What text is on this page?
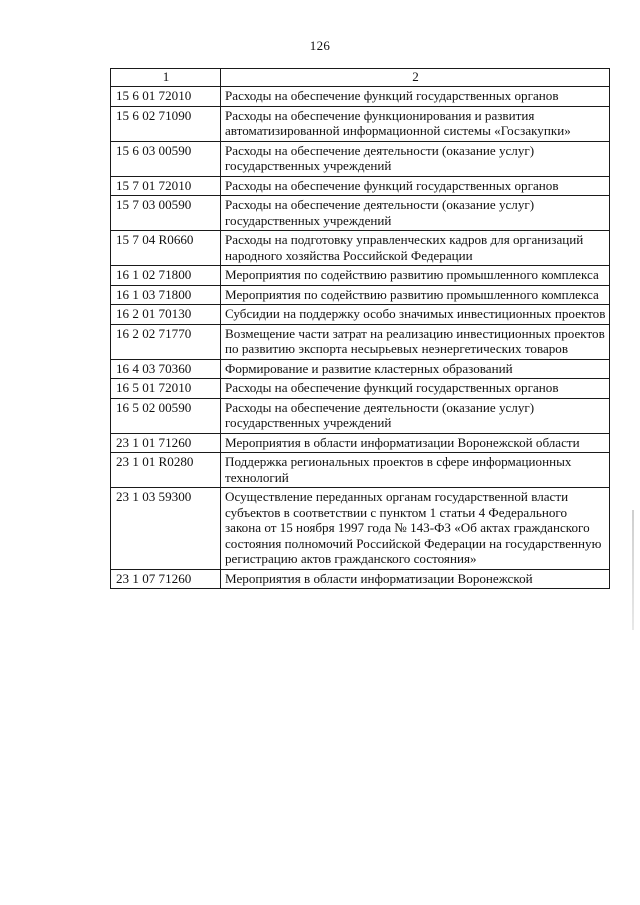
126
1	2
15 6 01 72010	Расходы на обеспечение функций государственных органов
15 6 02 71090	Расходы на обеспечение функционирования и развития автоматизированной информационной системы «Госзакупки»
15 6 03 00590	Расходы на обеспечение деятельности (оказание услуг) государственных учреждений
15 7 01 72010	Расходы на обеспечение функций государственных органов
15 7 03 00590	Расходы на обеспечение деятельности (оказание услуг) государственных учреждений
15 7 04 R0660	Расходы на подготовку управленческих кадров для организаций народного хозяйства Российской Федерации
16 1 02 71800	Мероприятия по содействию развитию промышленного комплекса
16 1 03 71800	Мероприятия по содействию развитию промышленного комплекса
16 2 01 70130	Субсидии на поддержку особо значимых инвестиционных проектов
16 2 02 71770	Возмещение части затрат на реализацию инвестиционных проектов по развитию экспорта несырьевых неэнергетических товаров
16 4 03 70360	Формирование и развитие кластерных образований
16 5 01 72010	Расходы на обеспечение функций государственных органов
16 5 02 00590	Расходы на обеспечение деятельности (оказание услуг) государственных учреждений
23 1 01 71260	Мероприятия в области информатизации Воронежской области
23 1 01 R0280	Поддержка региональных проектов в сфере информационных технологий
23 1 03 59300	Осуществление переданных органам государственной власти субъектов в соответствии с пунктом 1 статьи 4 Федерального закона от 15 ноября 1997 года № 143-ФЗ «Об актах гражданского состояния полномочий Российской Федерации на государственную регистрацию актов гражданского состояния»
23 1 07 71260	Мероприятия в области информатизации Воронежской
